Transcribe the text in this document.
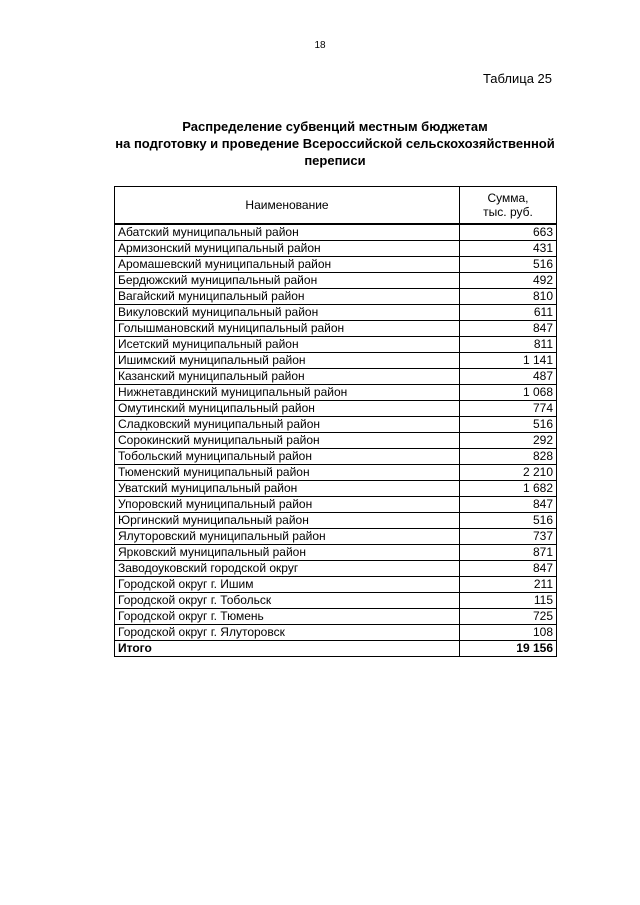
18
Таблица 25
Распределение субвенций местным бюджетам
на подготовку и проведение Всероссийской сельскохозяйственной
переписи
Наименование	Сумма,
тыс. руб.

Абатский муниципальный район	663
Армизонский муниципальный район	431
Аромашевский муниципальный район	516
Бердюжский муниципальный район	492
Вагайский муниципальный район	810
Викуловский муниципальный район	611
Голышмановский муниципальный район	847
Исетский муниципальный район	811
Ишимский муниципальный район	1 141
Казанский муниципальный район	487
Нижнетавдинский муниципальный район	1 068
Омутинский муниципальный район	774
Сладковский муниципальный район	516
Сорокинский муниципальный район	292
Тобольский муниципальный район	828
Тюменский муниципальный район	2 210
Уватский муниципальный район	1 682
Упоровский муниципальный район	847
Юргинский муниципальный район	516
Ялуторовский муниципальный район	737
Ярковский муниципальный район	871
Заводоуковский городской округ	847
Городской округ г. Ишим	211
Городской округ г. Тобольск	115
Городской округ г. Тюмень	725
Городской округ г. Ялуторовск	108
Итого	19 156
